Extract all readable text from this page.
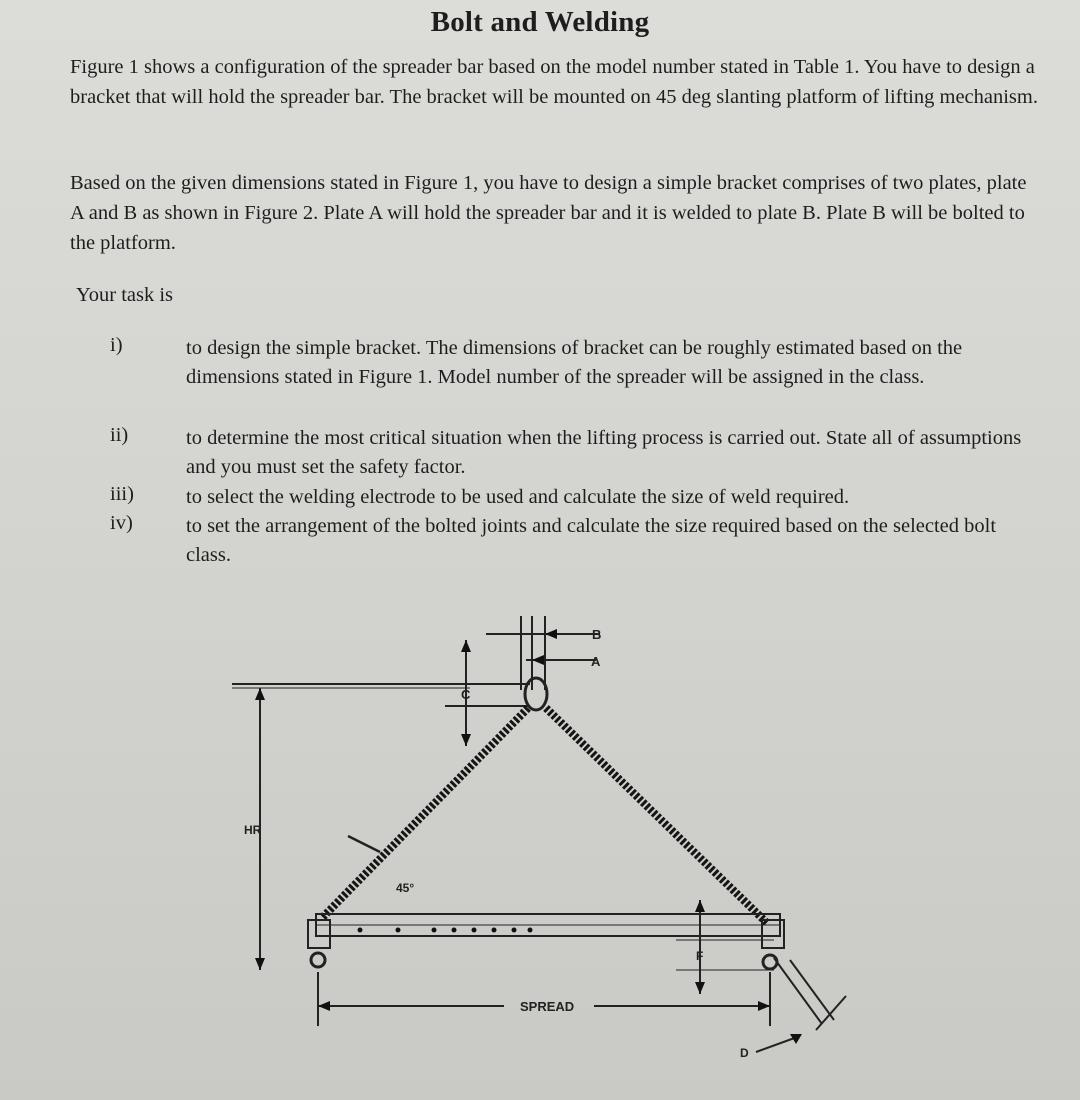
Bolt and Welding
Figure 1 shows a configuration of the spreader bar based on the model number stated in Table 1. You have to design a bracket that will hold the spreader bar. The bracket will be mounted on 45 deg slanting platform of lifting mechanism.
Based on the given dimensions stated in Figure 1, you have to design a simple bracket comprises of two plates, plate A and B as shown in Figure 2. Plate A will hold the spreader bar and it is welded to plate B. Plate B will be bolted to the platform.
Your task is
i)	to design the simple bracket. The dimensions of bracket can be roughly estimated based on the dimensions stated in Figure 1. Model number of the spreader will be assigned in the class.
ii)	to determine the most critical situation when the lifting process is carried out. State all of assumptions and you must set the safety factor.
iii)	to select the welding electrode to be used and calculate the size of weld required.
iv)	to set the arrangement of the bolted joints and calculate the size required based on the selected bolt class.
B
A
C
HR
45°
F
SPREAD
D
